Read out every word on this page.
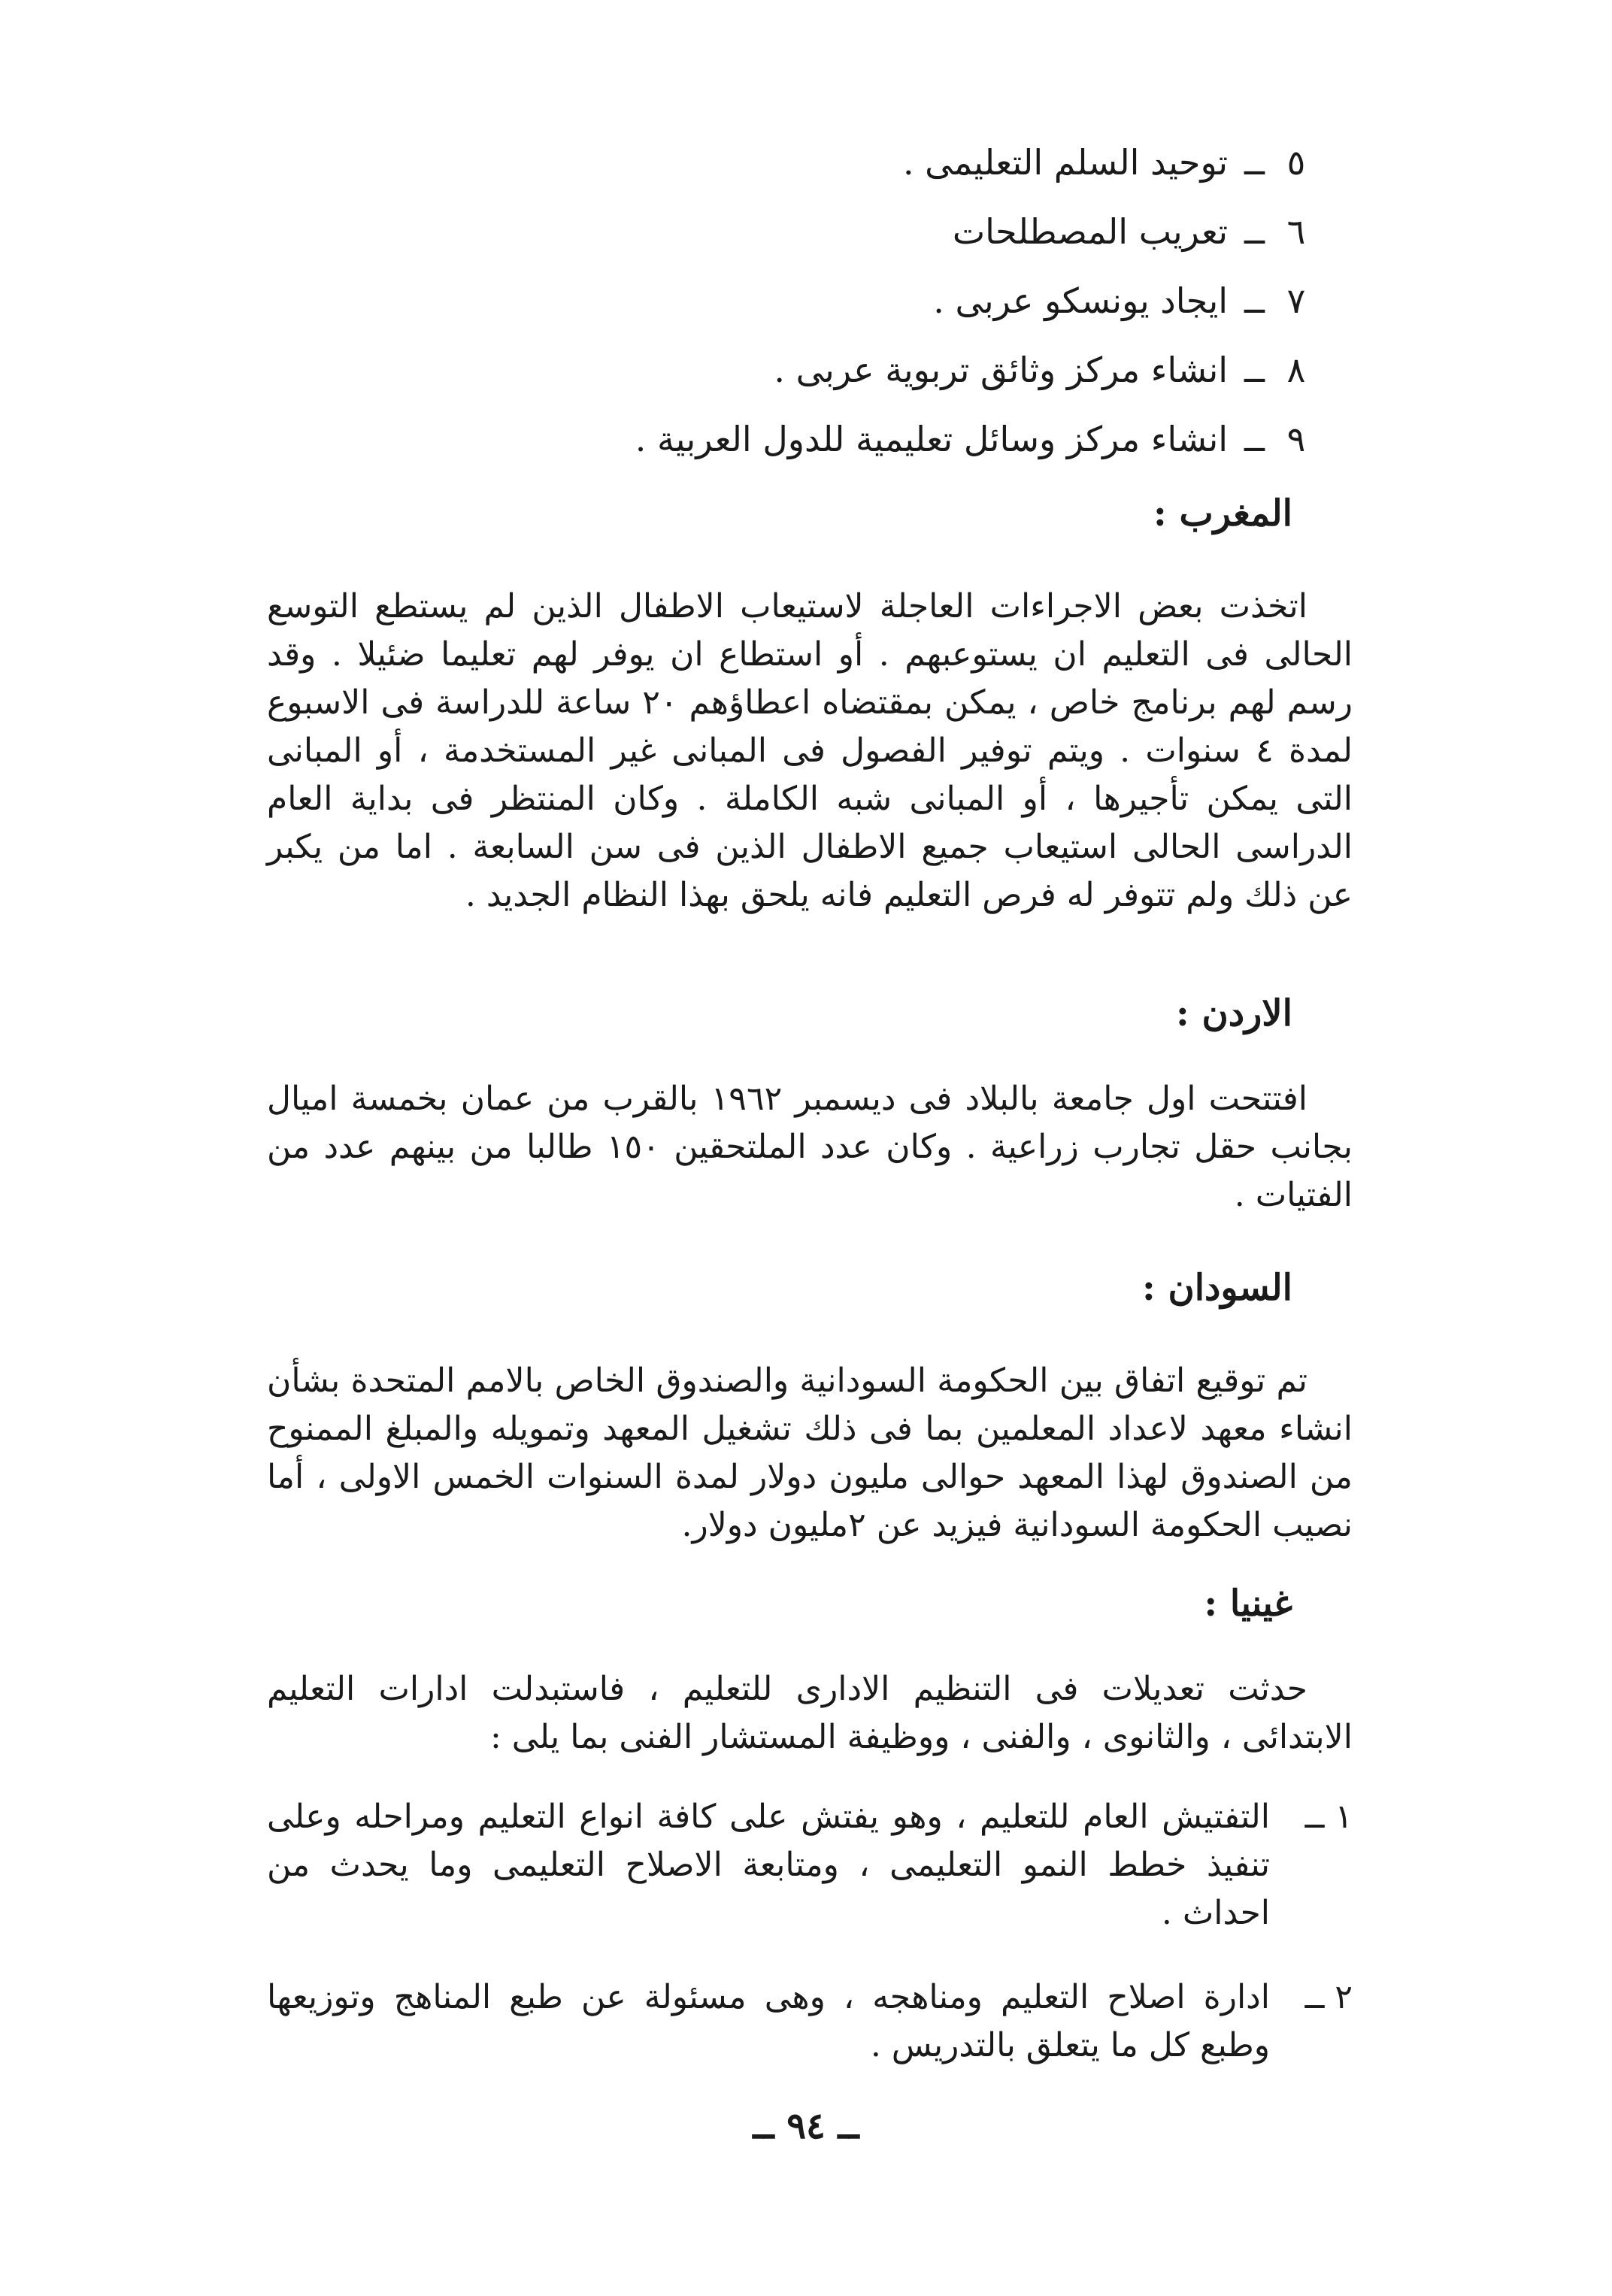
٥ــتوحيد السلم التعليمى .
٦ــتعريب المصطلحات
٧ــايجاد يونسكو عربى .
٨ــانشاء مركز وثائق تربوية عربى .
٩ــانشاء مركز وسائل تعليمية للدول العربية .
المغرب :

اتخذت بعض الاجراءات العاجلة لاستيعاب الاطفال الذين لم يستطع التوسع الحالى فى التعليم ان يستوعبهم . أو استطاع ان يوفر لهم تعليما ضئيلا . وقد رسم لهم برنامج خاص ، يمكن بمقتضاه اعطاؤهم ٢٠ ساعة للدراسة فى الاسبوع لمدة ٤ سنوات . ويتم توفير الفصول فى المبانى غير المستخدمة ، أو المبانى التى يمكن تأجيرها ، أو المبانى شبه الكاملة . وكان المنتظر فى بداية العام الدراسى الحالى استيعاب جميع الاطفال الذين فى سن السابعة . اما من يكبر عن ذلك ولم تتوفر له فرص التعليم فانه يلحق بهذا النظام الجديد .

الاردن :

افتتحت اول جامعة بالبلاد فى ديسمبر ١٩٦٢ بالقرب من عمان بخمسة اميال بجانب حقل تجارب زراعية . وكان عدد الملتحقين ١٥٠ طالبا من بينهم عدد من الفتيات .

السودان :

تم توقيع اتفاق بين الحكومة السودانية والصندوق الخاص بالامم المتحدة بشأن انشاء معهد لاعداد المعلمين بما فى ذلك تشغيل المعهد وتمويله والمبلغ الممنوح من الصندوق لهذا المعهد حوالى مليون دولار لمدة السنوات الخمس الاولى ، أما نصيب الحكومة السودانية فيزيد عن ٢مليون دولار.

غينيا :

حدثت تعديلات فى التنظيم الادارى للتعليم ، فاستبدلت ادارات التعليم الابتدائى ، والثانوى ، والفنى ، ووظيفة المستشار الفنى بما يلى :

١ ــ
التفتيش العام للتعليم ، وهو يفتش على كافة انواع التعليم ومراحله وعلى تنفيذ خطط النمو التعليمى ، ومتابعة الاصلاح التعليمى وما يحدث من احداث .
٢ ــ
ادارة اصلاح التعليم ومناهجه ، وهى مسئولة عن طبع المناهج وتوزيعها وطبع كل ما يتعلق بالتدريس .
ــ ٩٤ ــ
